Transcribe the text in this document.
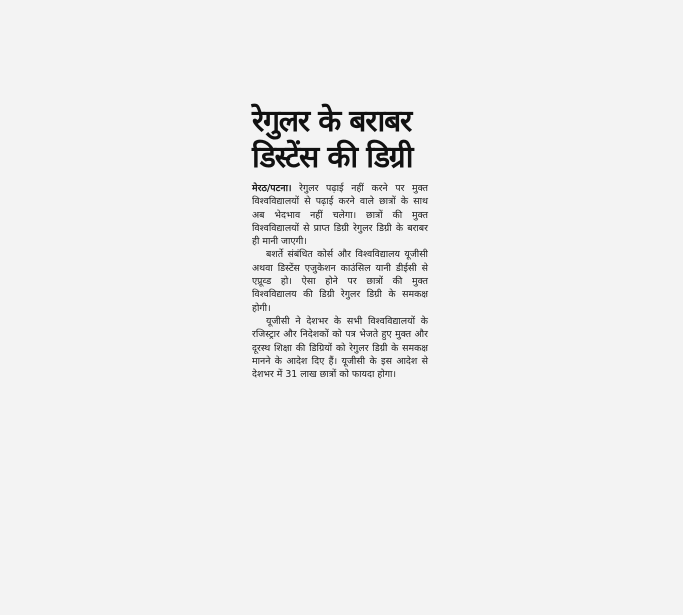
रेगुलर के बराबर
डिस्टेंस की डिग्री

मेरठ/पटना। रेगुलर पढ़ाई नहीं करने पर मुक्त विश्वविद्यालयों से पढ़ाई करने वाले छात्रों के साथ अब भेदभाव नहीं चलेगा। छात्रों की मुक्त विश्वविद्यालयों से प्राप्त डिग्री रेगुलर डिग्री के बराबर ही मानी जाएगी।

बशर्ते संबंधित कोर्स और विश्वविद्यालय यूजीसी अथवा डिस्टेंस एजुकेशन काउंसिल यानी डीईसी से एप्रूव्ड हो। ऐसा होने पर छात्रों की मुक्त विश्वविद्यालय की डिग्री रेगुलर डिग्री के समकक्ष होगी।

यूजीसी ने देशभर के सभी विश्वविद्यालयों के रजिस्ट्रार और निदेशकों को पत्र भेजते हुए मुक्त और दूरस्थ शिक्षा की डिग्रियों को रेगुलर डिग्री के समकक्ष मानने के आदेश दिए हैं। यूजीसी के इस आदेश से देशभर में 31 लाख छात्रों को फायदा होगा।
